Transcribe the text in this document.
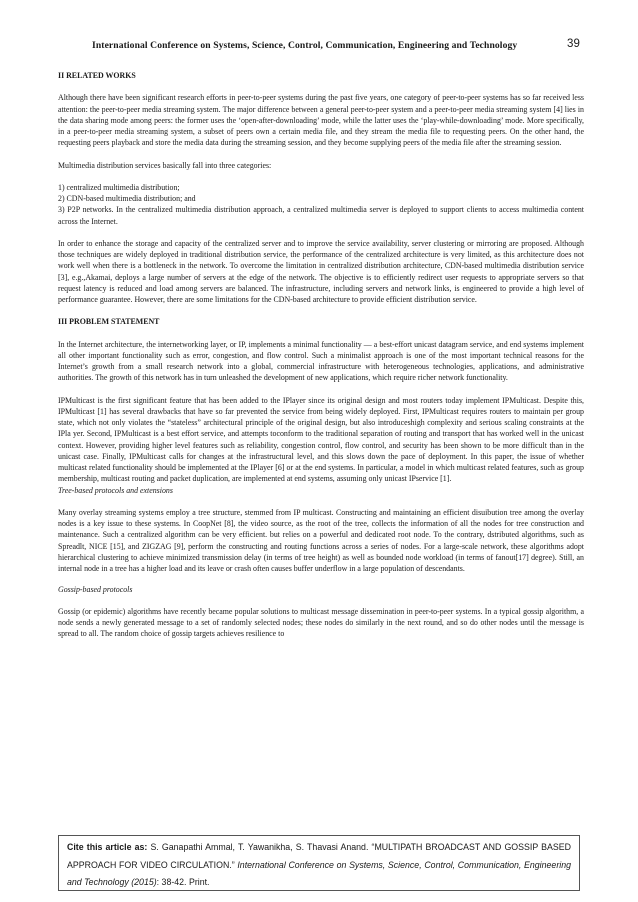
International Conference on Systems, Science, Control, Communication, Engineering and Technology	39

II RELATED WORKS

Although there have been significant research efforts in peer-to-peer systems during the past five years, one category of peer-to-peer systems has so far received less attention: the peer-to-peer media streaming system. The major difference between a general peer-to-peer system and a peer-to-peer media streaming system [4] lies in the data sharing mode among peers: the former uses the ‘open-after-downloading’ mode, while the latter uses the ‘play-while-downloading’ mode. More specifically, in a peer-to-peer media streaming system, a subset of peers own a certain media file, and they stream the media file to requesting peers. On the other hand, the requesting peers playback and store the media data during the streaming session, and they become supplying peers of the media file after the streaming session.

Multimedia distribution services basically fall into three categories:

1) centralized multimedia distribution;

2) CDN-based multimedia distribution; and

3) P2P networks. In the centralized multimedia distribution approach, a centralized multimedia server is deployed to support clients to access multimedia content across the Internet.

In order to enhance the storage and capacity of the centralized server and to improve the service availability, server clustering or mirroring are proposed. Although those techniques are widely deployed in traditional distribution service, the performance of the centralized architecture is very limited, as this architecture does not work well when there is a bottleneck in the network. To overcome the limitation in centralized distribution architecture, CDN-based multimedia distribution service [3], e.g.,Akamai, deploys a large number of servers at the edge of the network. The objective is to efficiently redirect user requests to appropriate servers so that request latency is reduced and load among servers are balanced. The infrastructure, including servers and network links, is engineered to provide a high level of performance guarantee. However, there are some limitations for the CDN-based architecture to provide efficient distribution service.

III PROBLEM STATEMENT

In the Internet architecture, the internetworking layer, or IP, implements a minimal functionality — a best-effort unicast datagram service, and end systems implement all other important functionality such as error, congestion, and flow control. Such a minimalist approach is one of the most important technical reasons for the Internet’s growth from a small research network into a global, commercial infrastructure with heterogeneous technologies, applications, and administrative authorities. The growth of this network has in turn unleashed the development of new applications, which require richer network functionality.

IPMulticast is the first significant feature that has been added to the IPlayer since its original design and most routers today implement IPMulticast. Despite this, IPMulticast [1] has several drawbacks that have so far prevented the service from being widely deployed. First, IPMulticast requires routers to maintain per group state, which not only violates the “stateless” architectural principle of the original design, but also introduceshigh complexity and serious scaling constraints at the IPla yer. Second, IPMulticast is a best effort service, and attempts toconform to the traditional separation of routing and transport that has worked well in the unicast context. However, providing higher level features such as reliability, congestion control, flow control, and security has been shown to be more difficult than in the unicast case. Finally, IPMulticast calls for changes at the infrastructural level, and this slows down the pace of deployment. In this paper, the issue of whether multicast related functionality should be implemented at the IPlayer [6] or at the end systems. In particular, a model in which multicast related features, such as group membership, multicast routing and packet duplication, are implemented at end systems, assuming only unicast IPservice [1].

Tree-based protocols and extensions

Many overlay streaming systems employ a tree structure, stemmed from IP multicast. Constructing and maintaining an efficient disuibution tree among the overlay nodes is a key issue to these systems. In CoopNet [8], the video source, as the root of the tree, collects the information of all the nodes for tree construction and maintenance. Such a centralized algorithm can be very efficient. but relies on a powerful and dedicated root node. To the contrary, dstributed algorithms, such as Spreadlt, NICE [15], and ZIGZAG [9], perform the constructing and routing functions across a series of nodes. For a large-scale network, these algorithms adopt hierarchical clustering to achieve minimized transmission delay (in terms of tree height) as well as bounded node workload (in terms of fanout[17] degree). Still, an internal node in a tree has a higher load and its leave or crash often causes buffer underflow in a large population of descendants.

Gossip-based protocols

Gossip (or epidemic) algorithms have recently became popular solutions to multicast message dissemination in peer-to-peer systems. In a typical gossip algorithm, a node sends a newly generated message to a set of randomly selected nodes; these nodes do similarly in the next round, and so do other nodes until the message is spread to all. The random choice of gossip targets achieves resilience to

Cite this article as: S. Ganapathi Ammal, T. Yawanikha, S. Thavasi Anand. “MULTIPATH BROADCAST AND GOSSIP BASED APPROACH FOR VIDEO CIRCULATION.” International Conference on Systems, Science, Control, Communication, Engineering and Technology (2015): 38-42. Print.
